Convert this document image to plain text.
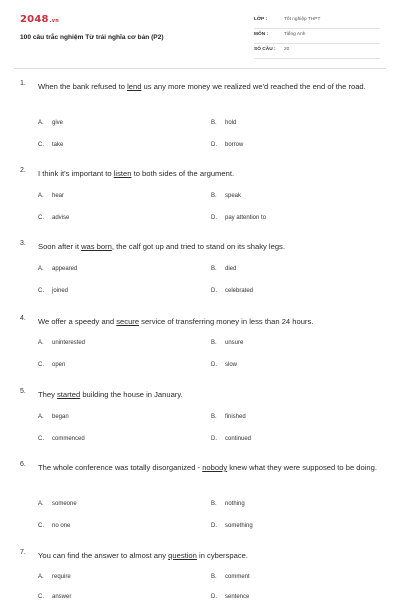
2048.vn
100 câu trắc nghiệm Từ trái nghĩa cơ bản (P2)
LỚP :	Tốt nghiệp THPT
MÔN :	Tiếng Anh
SỐ CÂU : 20
1. When the bank refused to lend us any more money we realized we'd reached the end of the road.
A. give	B. hold
C. take	D. borrow
2. I think it's important to listen to both sides of the argument.
A. hear	B. speak
C. advise	D. pay attention to
3. Soon after it was born, the calf got up and tried to stand on its shaky legs.
A. appeared	B. died
C. joined	D. celebrated
4. We offer a speedy and secure service of transferring money in less than 24 hours.
A. uninterested	B. unsure
C. open	D. slow
5. They started building the house in January.
A. began	B. finished
C. commenced	D. continued
6. The whole conference was totally disorganized - nobody knew what they were supposed to be doing.
A. someone	B. nothing
C. no one	D. something
7. You can find the answer to almost any question in cyberspace.
A. require	B. comment
C. answer	D. sentence
